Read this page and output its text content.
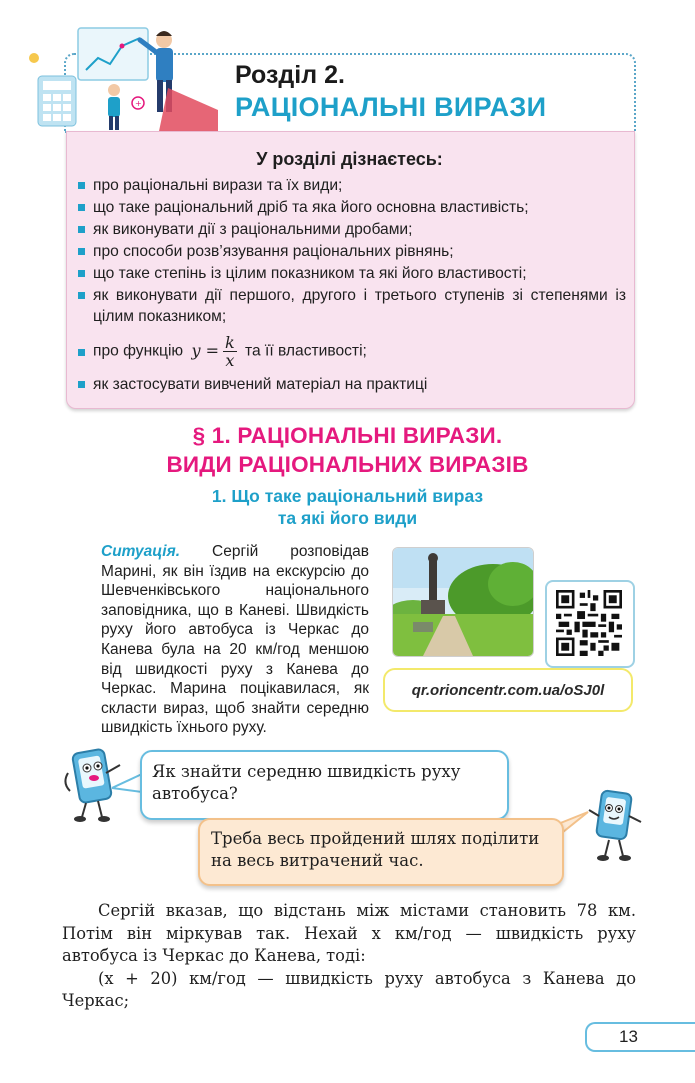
+
Розділ 2.
РАЦІОНАЛЬНІ ВИРАЗИ
У розділі дізнаєтесь:
про раціональні вирази та їх види;
що таке раціональний дріб та яка його основна властивість;
як виконувати дії з раціональними дробами;
про способи розв’язування раціональних рівнянь;
що таке степінь із цілим показником та які його властивості;
як виконувати дії першого, другого і третього ступенів зі степенями із цілим показником;
про функцію $y = \frac{k}{x}$ та її властивості;
як застосувати вивчений матеріал на практиці
§ 1. РАЦІОНАЛЬНІ ВИРАЗИ.
ВИДИ РАЦІОНАЛЬНИХ ВИРАЗІВ
1. Що таке раціональний вираз
та які його види
Ситуація. Сергій розповідав Марині, як він їздив на екскурсію до Шевченківського національного заповідника, що в Каневі. Швидкість руху його автобуса із Черкас до Канева була на 20 км/год меншою від швидкості руху з Канева до Черкас. Марина поцікавилася, як скласти вираз, щоб знайти середню швидкість їхнього руху.
qr.orioncentr.com.ua/oSJ0l
Як знайти середню швидкість руху автобуса?
Треба весь пройдений шлях поділити на весь витрачений час.

Сергій вказав, що відстань між містами становить 78 км. Потім він міркував так. Нехай x км/год — швидкість руху автобуса із Черкас до Канева, тоді:

(x + 20) км/год — швидкість руху автобуса з Канева до Черкас;

13
